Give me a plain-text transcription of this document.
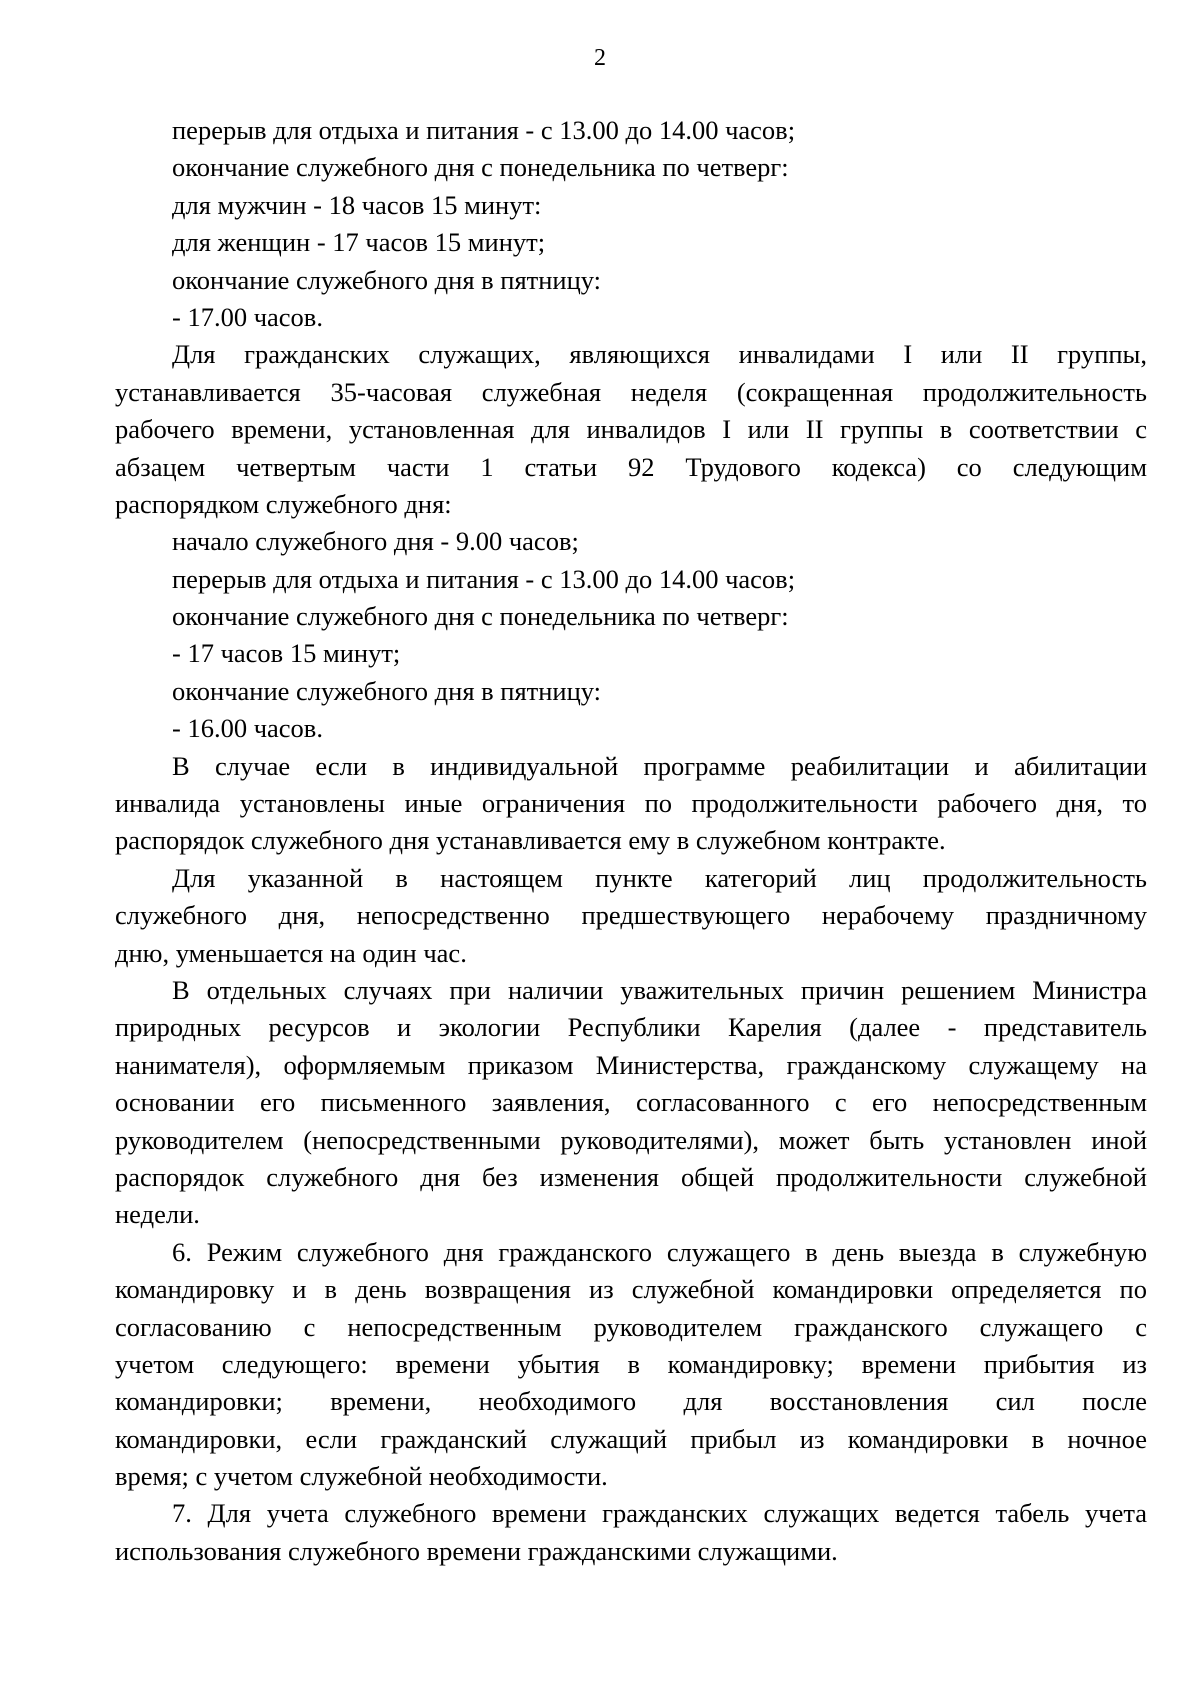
2
перерыв для отдыха и питания - с 13.00 до 14.00 часов;
окончание служебного дня с понедельника по четверг:
для мужчин - 18 часов 15 минут:
для женщин - 17 часов 15 минут;
окончание служебного дня в пятницу:
- 17.00 часов.
Для гражданских служащих, являющихся инвалидами I или II группы,
устанавливается 35-часовая служебная неделя (сокращенная продолжительность
рабочего времени, установленная для инвалидов I или II группы в соответствии с
абзацем четвертым части 1 статьи 92 Трудового кодекса) со следующим
распорядком служебного дня:
начало служебного дня - 9.00 часов;
перерыв для отдыха и питания - с 13.00 до 14.00 часов;
окончание служебного дня с понедельника по четверг:
- 17 часов 15 минут;
окончание служебного дня в пятницу:
- 16.00 часов.
В случае если в индивидуальной программе реабилитации и абилитации
инвалида установлены иные ограничения по продолжительности рабочего дня, то
распорядок служебного дня устанавливается ему в служебном контракте.
Для указанной в настоящем пункте категорий лиц продолжительность
служебного дня, непосредственно предшествующего нерабочему праздничному
дню, уменьшается на один час.
В отдельных случаях при наличии уважительных причин решением Министра
природных ресурсов и экологии Республики Карелия (далее - представитель
нанимателя), оформляемым приказом Министерства, гражданскому служащему на
основании его письменного заявления, согласованного с его непосредственным
руководителем (непосредственными руководителями), может быть установлен иной
распорядок служебного дня без изменения общей продолжительности служебной
недели.
6. Режим служебного дня гражданского служащего в день выезда в служебную
командировку и в день возвращения из служебной командировки определяется по
согласованию с непосредственным руководителем гражданского служащего с
учетом следующего: времени убытия в командировку; времени прибытия из
командировки; времени, необходимого для восстановления сил после
командировки, если гражданский служащий прибыл из командировки в ночное
время; с учетом служебной необходимости.
7. Для учета служебного времени гражданских служащих ведется табель учета
использования служебного времени гражданскими служащими.
